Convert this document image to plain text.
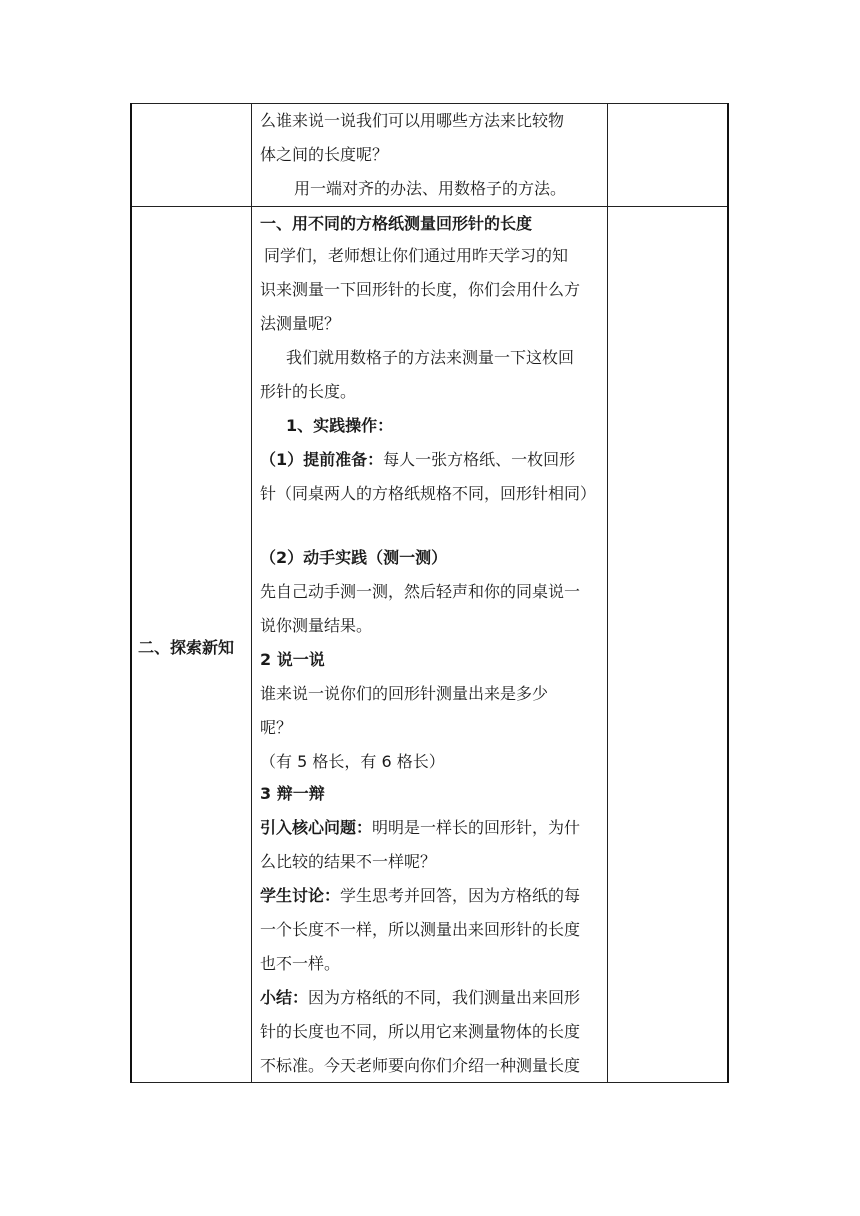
么谁来说一说我们可以用哪些方法来比较物
体之间的长度呢？
用一端对齐的办法、用数格子的方法。
二、探索新知
一、用不同的方格纸测量回形针的长度
同学们，老师想让你们通过用昨天学习的知
识来测量一下回形针的长度，你们会用什么方
法测量呢？
我们就用数格子的方法来测量一下这枚回
形针的长度。
1、实践操作：
（1）提前准备：每人一张方格纸、一枚回形
针（同桌两人的方格纸规格不同，回形针相同）
（2）动手实践（测一测）
先自己动手测一测，然后轻声和你的同桌说一
说你测量结果。
2 说一说
谁来说一说你们的回形针测量出来是多少
呢？
（有 5 格长，有 6 格长）
3 辩一辩
引入核心问题：明明是一样长的回形针，为什
么比较的结果不一样呢？
学生讨论：学生思考并回答，因为方格纸的每
一个长度不一样，所以测量出来回形针的长度
也不一样。
小结：因为方格纸的不同，我们测量出来回形
针的长度也不同，所以用它来测量物体的长度
不标准。今天老师要向你们介绍一种测量长度
